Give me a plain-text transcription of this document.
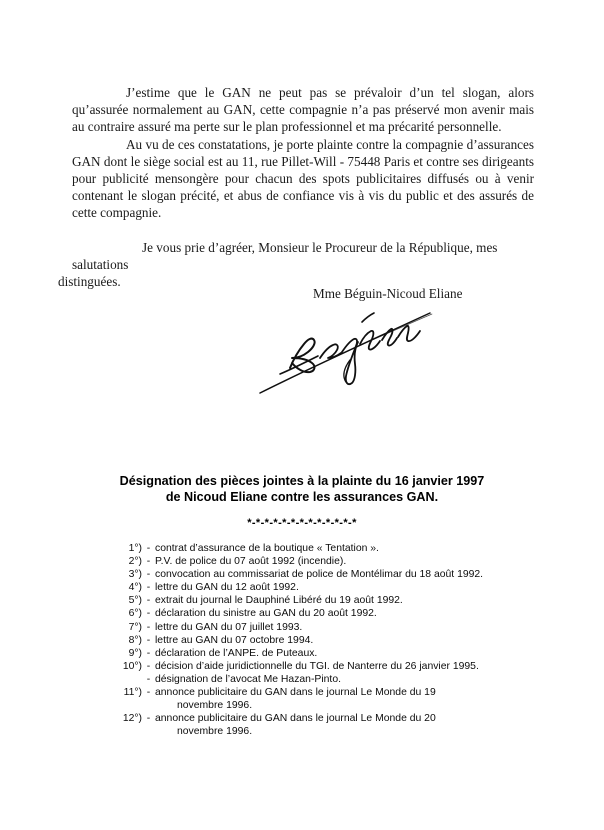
J’estime que le GAN ne peut pas se prévaloir d’un tel slogan, alors qu’assurée normalement au GAN, cette compagnie n’a pas préservé mon avenir mais au contraire assuré ma perte sur le plan professionnel et ma précarité personnelle.

Au vu de ces constatations, je porte plainte contre la compagnie d’assurances GAN dont le siège social est au 11, rue Pillet-Will - 75448 Paris et contre ses dirigeants pour publicité mensongère pour chacun des spots publicitaires diffusés ou à venir contenant le slogan précité, et abus de confiance vis à vis du public et des assurés de cette compagnie.

Je vous prie d’agréer, Monsieur le Procureur de la République, mes salutations

distinguées.

Mme Béguin-Nicoud Eliane
Désignation des pièces jointes à la plainte du 16 janvier 1997
de Nicoud Eliane contre les assurances GAN.
*-*-*-*-*-*-*-*-*-*-*-*-*
1°) - contrat d’assurance de la boutique « Tentation ».
2°) - P.V. de police du 07 août 1992 (incendie).
3°) - convocation au commissariat de police de Montélimar du 18 août 1992.
4°) - lettre du GAN du 12 août 1992.
5°) - extrait du journal le Dauphiné Libéré du 19 août 1992.
6°) - déclaration du sinistre au GAN du 20 août 1992.
7°) - lettre du GAN du 07 juillet 1993.
8°) - lettre au GAN du 07 octobre 1994.
9°) - déclaration de l’ANPE. de Puteaux.
10°) - décision d’aide juridictionnelle du TGI. de Nanterre du 26 janvier 1995.
- désignation de l’avocat Me Hazan-Pinto.
11°) - annonce publicitaire du GAN dans le journal Le Monde du 19
novembre 1996.
12°) - annonce publicitaire du GAN dans le journal Le Monde du 20
novembre 1996.
